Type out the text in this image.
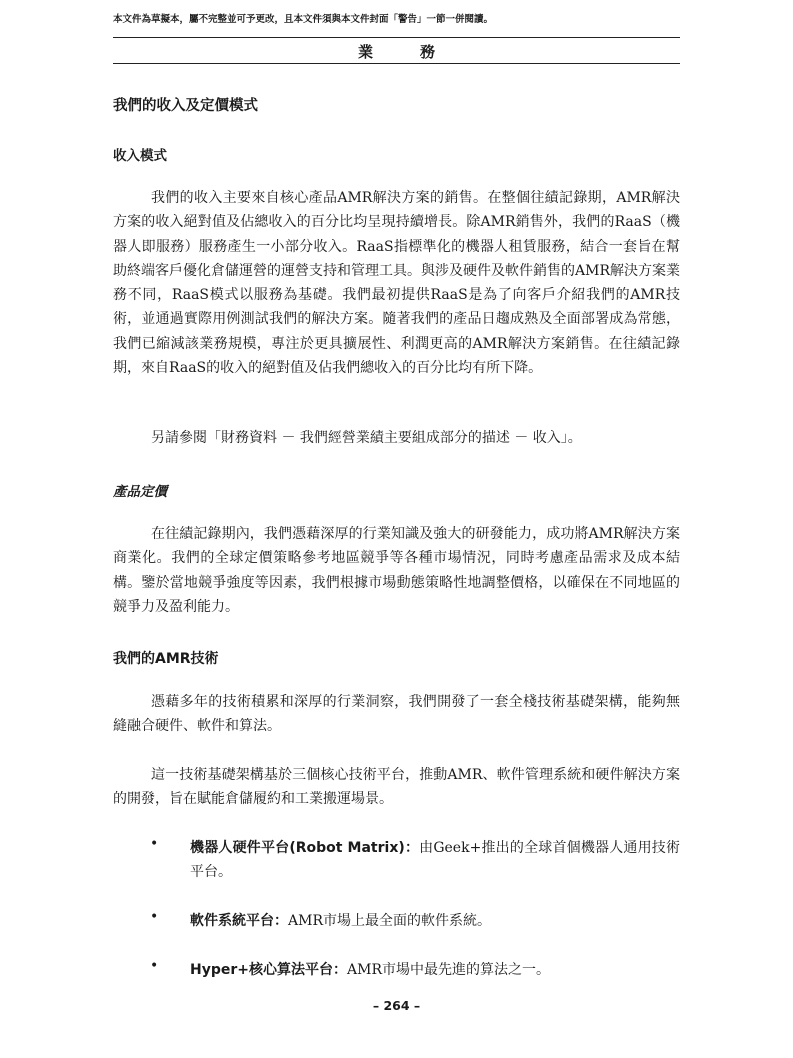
本文件為草擬本，屬不完整並可予更改，且本文件須與本文件封面「警告」一節一併閱讀。
業　務
我們的收入及定價模式
收入模式

我們的收入主要來自核心產品AMR解決方案的銷售。在整個往績記錄期，AMR解決方案的收入絕對值及佔總收入的百分比均呈現持續增長。除AMR銷售外，我們的RaaS（機器人即服務）服務產生一小部分收入。RaaS指標準化的機器人租賃服務，結合一套旨在幫助終端客戶優化倉儲運營的運營支持和管理工具。與涉及硬件及軟件銷售的AMR解決方案業務不同，RaaS模式以服務為基礎。我們最初提供RaaS是為了向客戶介紹我們的AMR技術，並通過實際用例測試我們的解決方案。隨著我們的產品日趨成熟及全面部署成為常態，我們已縮減該業務規模，專注於更具擴展性、利潤更高的AMR解決方案銷售。在往績記錄期，來自RaaS的收入的絕對值及佔我們總收入的百分比均有所下降。

另請參閱「財務資料 － 我們經營業績主要組成部分的描述 － 收入」。

產品定價

在往績記錄期內，我們憑藉深厚的行業知識及強大的研發能力，成功將AMR解決方案商業化。我們的全球定價策略參考地區競爭等各種市場情況，同時考慮產品需求及成本結構。鑒於當地競爭強度等因素，我們根據市場動態策略性地調整價格，以確保在不同地區的競爭力及盈利能力。

我們的AMR技術

憑藉多年的技術積累和深厚的行業洞察，我們開發了一套全棧技術基礎架構，能夠無縫融合硬件、軟件和算法。

這一技術基礎架構基於三個核心技術平台，推動AMR、軟件管理系統和硬件解決方案的開發，旨在賦能倉儲履約和工業搬運場景。

• 機器人硬件平台(Robot Matrix)：由Geek+推出的全球首個機器人通用技術平台。

• 軟件系統平台：AMR市場上最全面的軟件系統。

• Hyper+核心算法平台：AMR市場中最先進的算法之一。

– 264 –
